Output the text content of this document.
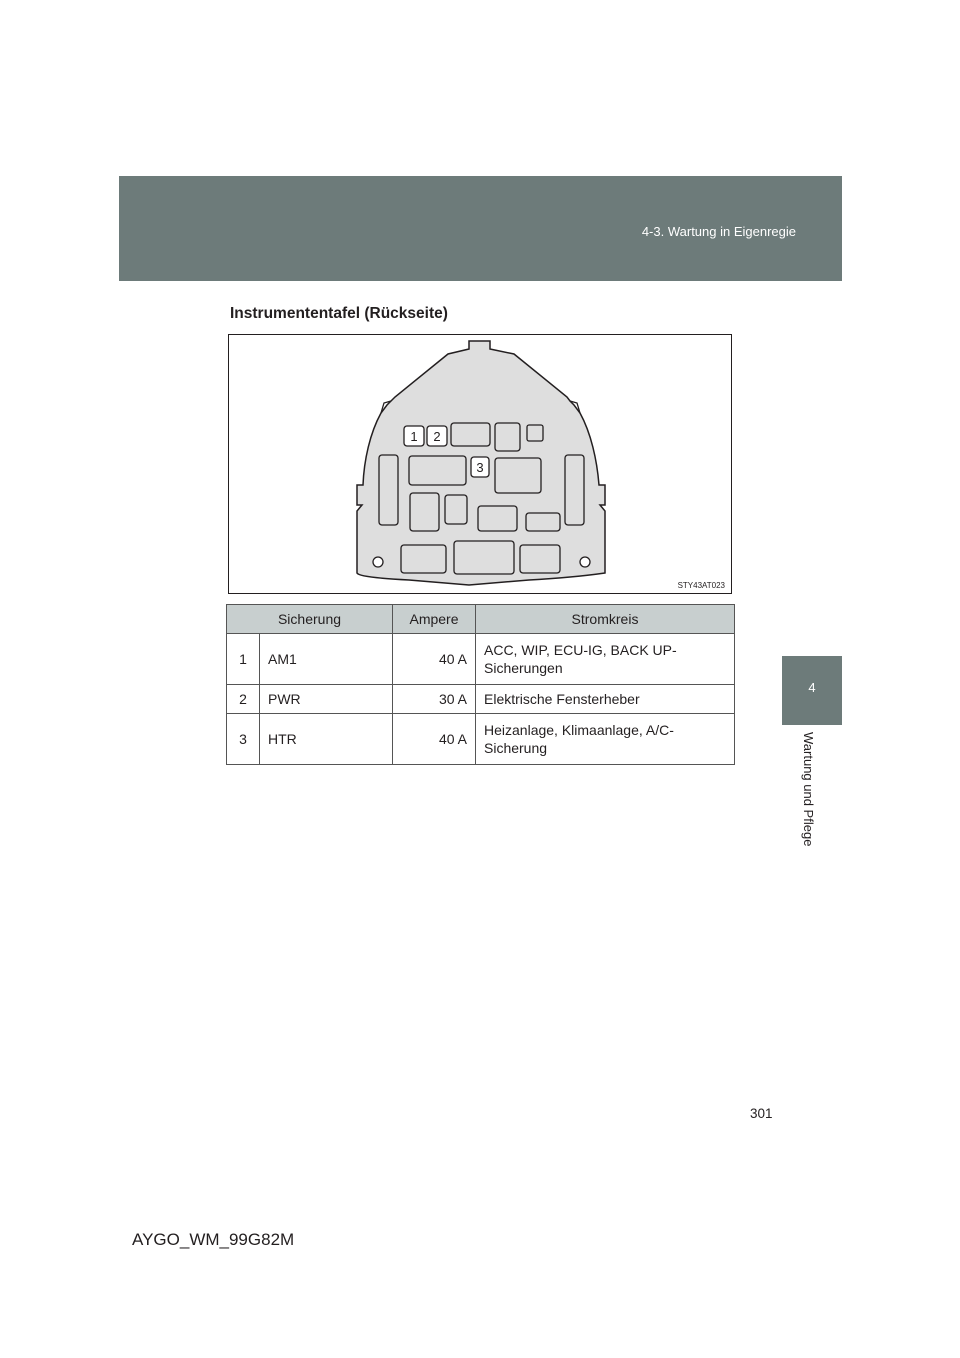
4-3. Wartung in Eigenregie
4
Wartung und Pflege
Instrumententafel (Rückseite)
1 2
3
STY43AT023
Sicherung		Ampere	Stromkreis
1	AM1	40 A	ACC, WIP, ECU-IG, BACK UP-Sicherungen
2	PWR	30 A	Elektrische Fensterheber
3	HTR	40 A	Heizanlage, Klimaanlage, A/C-Sicherung
301
AYGO_WM_99G82M
